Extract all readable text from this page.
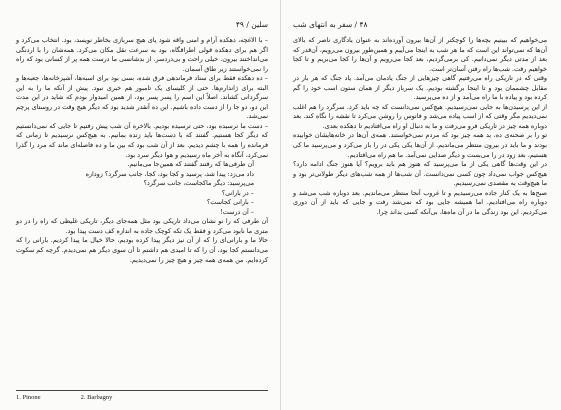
سلین / ۴۹

– با الاغچه، دهکده آرام و امنی واقه شود پای هیچ سربازی بخاطر نویسد، بود. انتخاب می‌کرد و اگر هم برای دهکده قولی اطراقگاه، بود به سرعت نقل مکان می‌کرد. همه‌شان را با اردنگی می‌انداختند بیرون. خیلی راحت و بی‌دردسر. از بدشانسی ما درست همه پر از کسانی بود که راه را نمی‌خواستند زیر طاق آسمان.

– ده دهکده فقط برای ستاد فرماندهی فرق شده، بسی بود برای اسبه‌ها، آشپزخانه‌ها، جعبه‌ها و البته برای ژاندارم‌ها. حتی از کلیسای یک تامبور هم خبری نبود. پیش از آنکه ما را به این سرگردانی کشاند. اصلاً این اسم را پسر پسر بود، از همین امیدوار بودم که شاید در این مدت این دو، دو جا را از دست داده باشیم. این ده آنقدر شدید بود که دیگر هیچ وقت در روستای پرچم نمی‌شد.

– دست ما نرسیده بود، حتی ترسیده بودیم. بالاخره آن شب پیش رفتیم تا جایی که نمی‌دانستیم که دیگر کجا هستیم. گفتند که با دست‌ها باید زنده بمانیم. به هیچ‌کس نرسیدیم تا زمانی که فرمانده را همه با چشم دیدیم. بعد از آن شب بود که بین ما و ده فاصله‌ای ماند که مرد را گذرا نمی‌کرد، آنگاه به آخر ماه رسیدیم و هوا دیگر سرد بود.

آن طرفی‌ها که رفتند گفتند که همین‌جا می‌مانیم.

داد می‌زد: پیدا شد، پرسید و کجا بود، کجا، جانب سرگرد؟ زوداره

می‌پرسید: دیگر ماکجاست، جانب سرگرد؟

– در بارانی؟

– بارانی کجاست؟

– آن درست!

آن طرفی که را نو نشان می‌داد تاریکی بود مثل همه‌جای دیگر، تاریکی غلیظی که راه را در دو متری ما نابود می‌کرد و فقط یک تکه کوچک جاده به اندازه کف دست پیدا بود.

حالا ما و بارانی‌ای را که از آن نیز دیگر پیدا کرده بودیم، حالا خیال ما پیدا کردیم. بارانی را که می‌دانستم کجا بود، آن را که تا امیدی هم داشتم تا آن سوی دیگر هم نمی‌دیدم. گرچه کم سکوت کرده‌ایم. من همه‌ی همه چیز و هیچ چیز را نمی‌دیدیم.

1. Pinone	2. Barbagny
۴۸ / سفر به انتهای شب

می‌خواهیم که ببینیم بچه‌ها را کوچکتر از آن‌ها بیرون آورده‌اند به عنوان یادگاری ناصر که بالای آن‌ها که نمی‌تواند این است که ما هر شب به اینجا می‌آییم و همین‌طور بیرون می‌رویم، آن‌قدر که بعد از مدتی دیگر نمی‌دانیم. کی برمی‌گردیم، بعد کجا می‌رویم و آن‌ها را کجا می‌بریم و تا کجا خواهیم رفت. شب‌ها راه رفتن آسان‌تر است.

وقتی که در تاریکی راه می‌رفتیم گاهی چیزهایی از جنگ یادمان می‌آمد. یاد جنگ که هر بار در مقابل چشممان بود و تا اینجا برگشته بودیم. یک سرباز دیگر از همان ستون اسب خود را گم کرده بود و پیاده با ما راه می‌آمد و از ده می‌پرسید.

از این پرسیدن‌ها به جایی نمی‌رسیدیم. هیچ‌کس نمی‌دانست که چه باید کرد. سرگرد را هم اغلب نمی‌دیدیم مگر وقتی که از اسب پیاده می‌شد و فانوس را روشن می‌کرد تا نقشه را نگاه کند. بعد دوباره همه چیز در تاریکی فرو می‌رفت و ما به دنبال او راه می‌افتادیم تا دهکده بعدی.

تو را بر صحنه‌ی ده، بد همه چیز بود که مردم نمی‌خواستند. همه‌ی آن‌ها در خانه‌هایشان خوابیده بودند و ما باید در بیرون منتظر می‌ماندیم. از آن‌ها یکی یکی در را باز می‌کرد و می‌پرسید ما کی هستیم، بعد زود در را می‌بست و دیگر صدایی نمی‌آمد. ما هم راه می‌افتادیم.

در این وقت‌ها گاهی یکی از ما می‌پرسید که هنوز هم باید برویم؟ آیا هنوز جنگ ادامه دارد؟ هیچ‌کس جواب نمی‌داد چون کسی نمی‌دانست. آن شب‌ها از همه شب‌های دیگر طولانی‌تر بود و ما هیچ‌وقت به مقصدی نمی‌رسیدیم.

صبح‌ها به یک کنار جاده می‌رسیدیم و تا غروب آنجا منتظر می‌ماندیم. بعد دوباره شب می‌شد و دوباره راه می‌افتادیم. اما همیشه جایی بود که نمی‌شد رفت و جایی که باید از آن دوری می‌کردیم. این بود زندگی ما در آن ماه‌ها، بی‌آنکه کسی بداند چرا.
